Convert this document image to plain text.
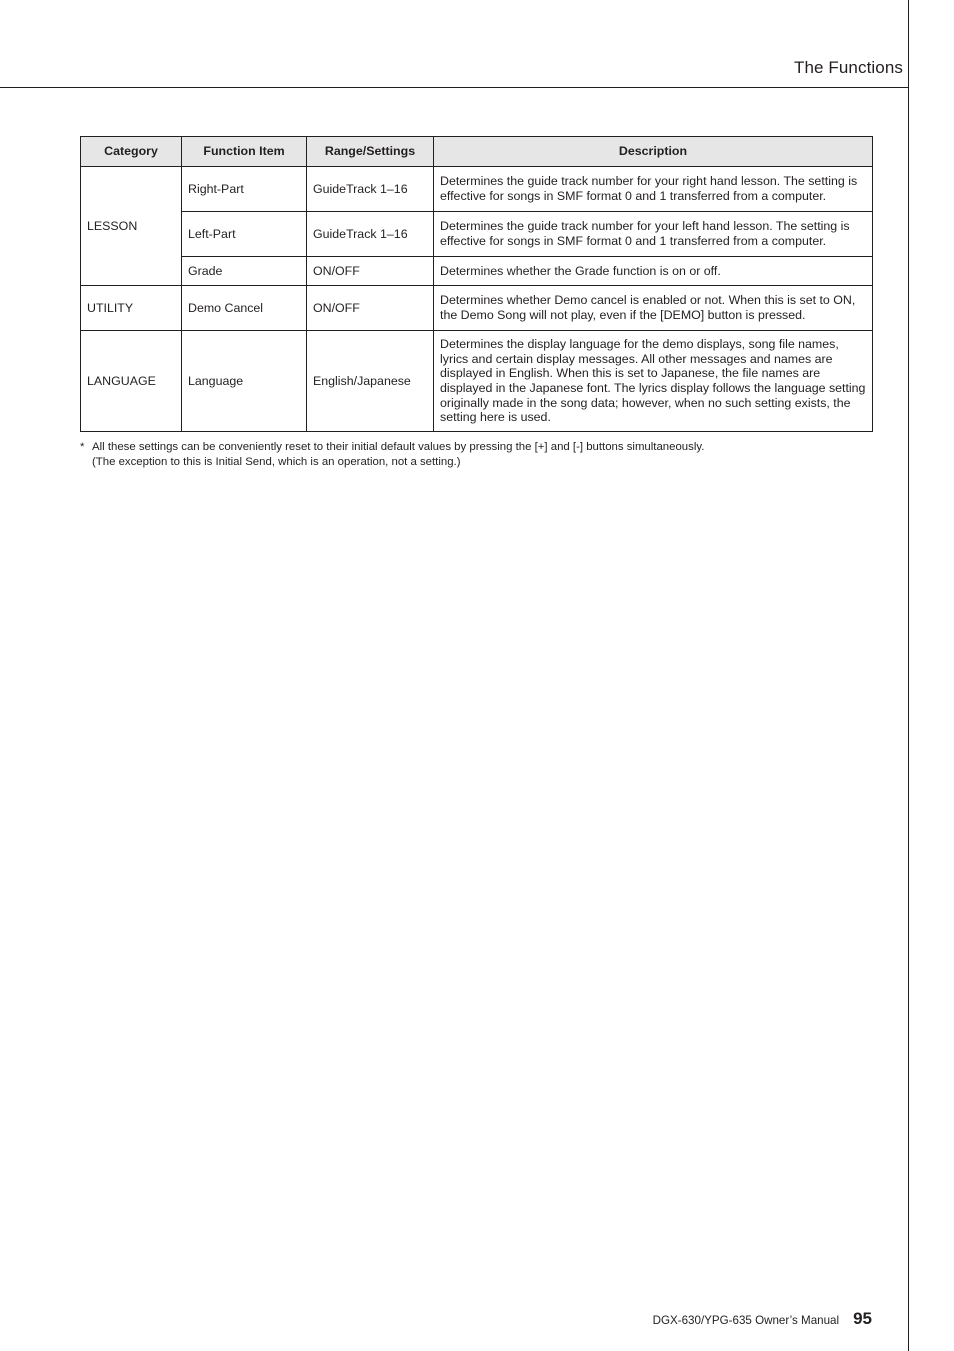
The Functions
Category	Function Item	Range/Settings	Description
LESSON	Right-Part	GuideTrack 1–16	Determines the guide track number for your right hand lesson. The setting is effective for songs in SMF format 0 and 1 transferred from a computer.
	Left-Part	GuideTrack 1–16	Determines the guide track number for your left hand lesson. The setting is effective for songs in SMF format 0 and 1 transferred from a computer.
	Grade	ON/OFF	Determines whether the Grade function is on or off.
UTILITY	Demo Cancel	ON/OFF	Determines whether Demo cancel is enabled or not. When this is set to ON, the Demo Song will not play, even if the [DEMO] button is pressed.
LANGUAGE	Language	English/Japanese	Determines the display language for the demo displays, song file names, lyrics and certain display messages. All other messages and names are displayed in English. When this is set to Japanese, the file names are displayed in the Japanese font. The lyrics display follows the language setting originally made in the song data; however, when no such setting exists, the setting here is used.
* All these settings can be conveniently reset to their initial default values by pressing the [+] and [-] buttons simultaneously.
(The exception to this is Initial Send, which is an operation, not a setting.)
DGX-630/YPG-635 Owner’s Manual 95
